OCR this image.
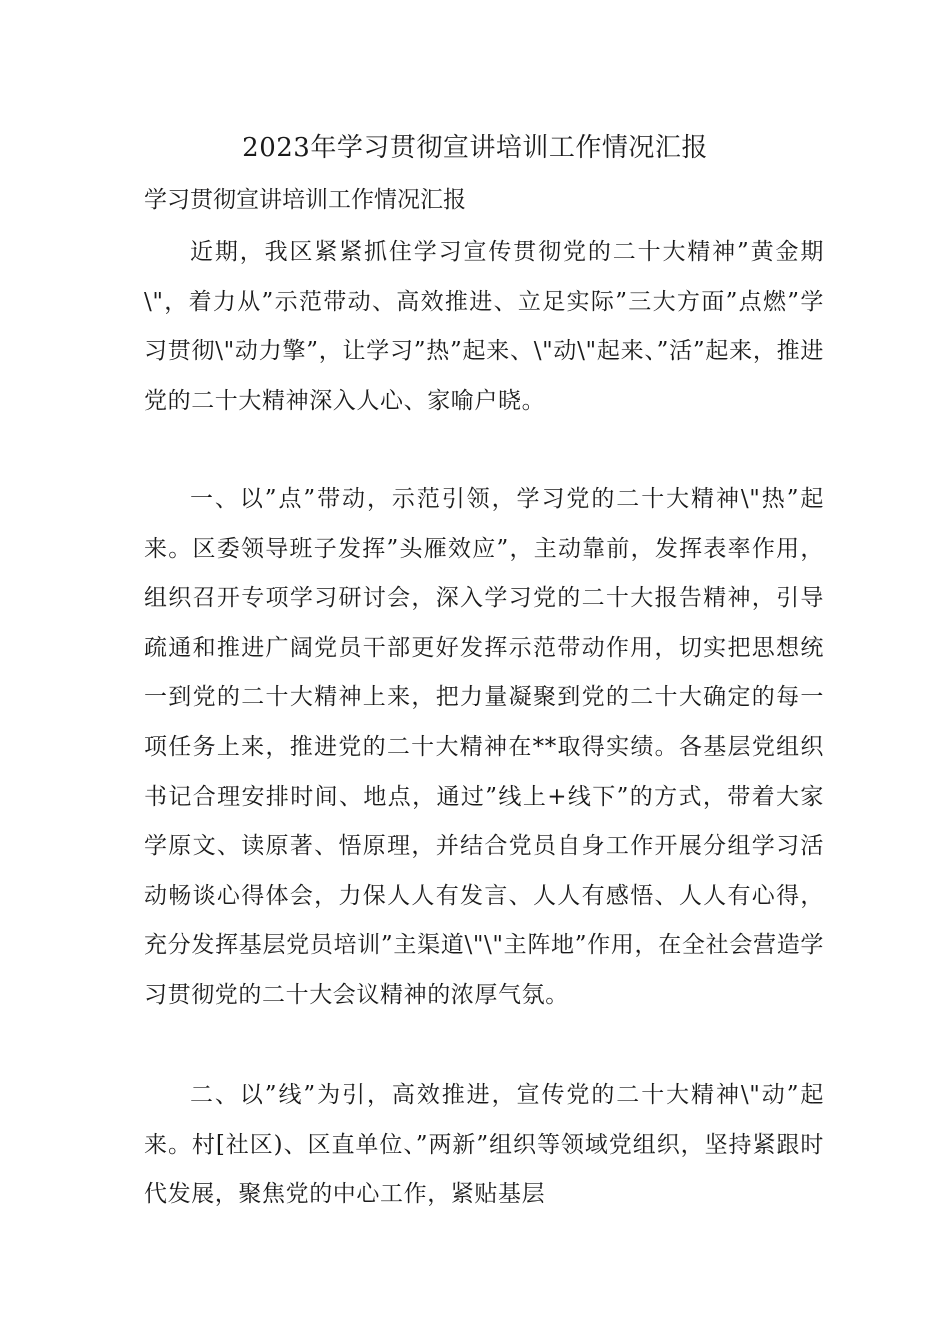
2023年学习贯彻宣讲培训工作情况汇报
学习贯彻宣讲培训工作情况汇报

近期，我区紧紧抓住学习宣传贯彻党的二十大精神”黄金期\"，着力从”示范带动、高效推进、立足实际”三大方面”点燃”学习贯彻\"动力擎”，让学习”热”起来、\"动\"起来、”活”起来，推进党的二十大精神深入人心、家喻户晓。

一、以”点”带动，示范引领，学习党的二十大精神\"热”起来。区委领导班子发挥”头雁效应”，主动靠前，发挥表率作用，组织召开专项学习研讨会，深入学习党的二十大报告精神，引导疏通和推进广阔党员干部更好发挥示范带动作用，切实把思想统一到党的二十大精神上来，把力量凝聚到党的二十大确定的每一项任务上来，推进党的二十大精神在**取得实绩。各基层党组织书记合理安排时间、地点，通过”线上+线下”的方式，带着大家学原文、读原著、悟原理，并结合党员自身工作开展分组学习活动畅谈心得体会，力保人人有发言、人人有感悟、人人有心得，充分发挥基层党员培训”主渠道\"\"主阵地”作用，在全社会营造学习贯彻党的二十大会议精神的浓厚气氛。

二、以”线”为引，高效推进，宣传党的二十大精神\"动”起来。村[社区)、区直单位、”两新”组织等领域党组织，坚持紧跟时代发展，聚焦党的中心工作，紧贴基层
